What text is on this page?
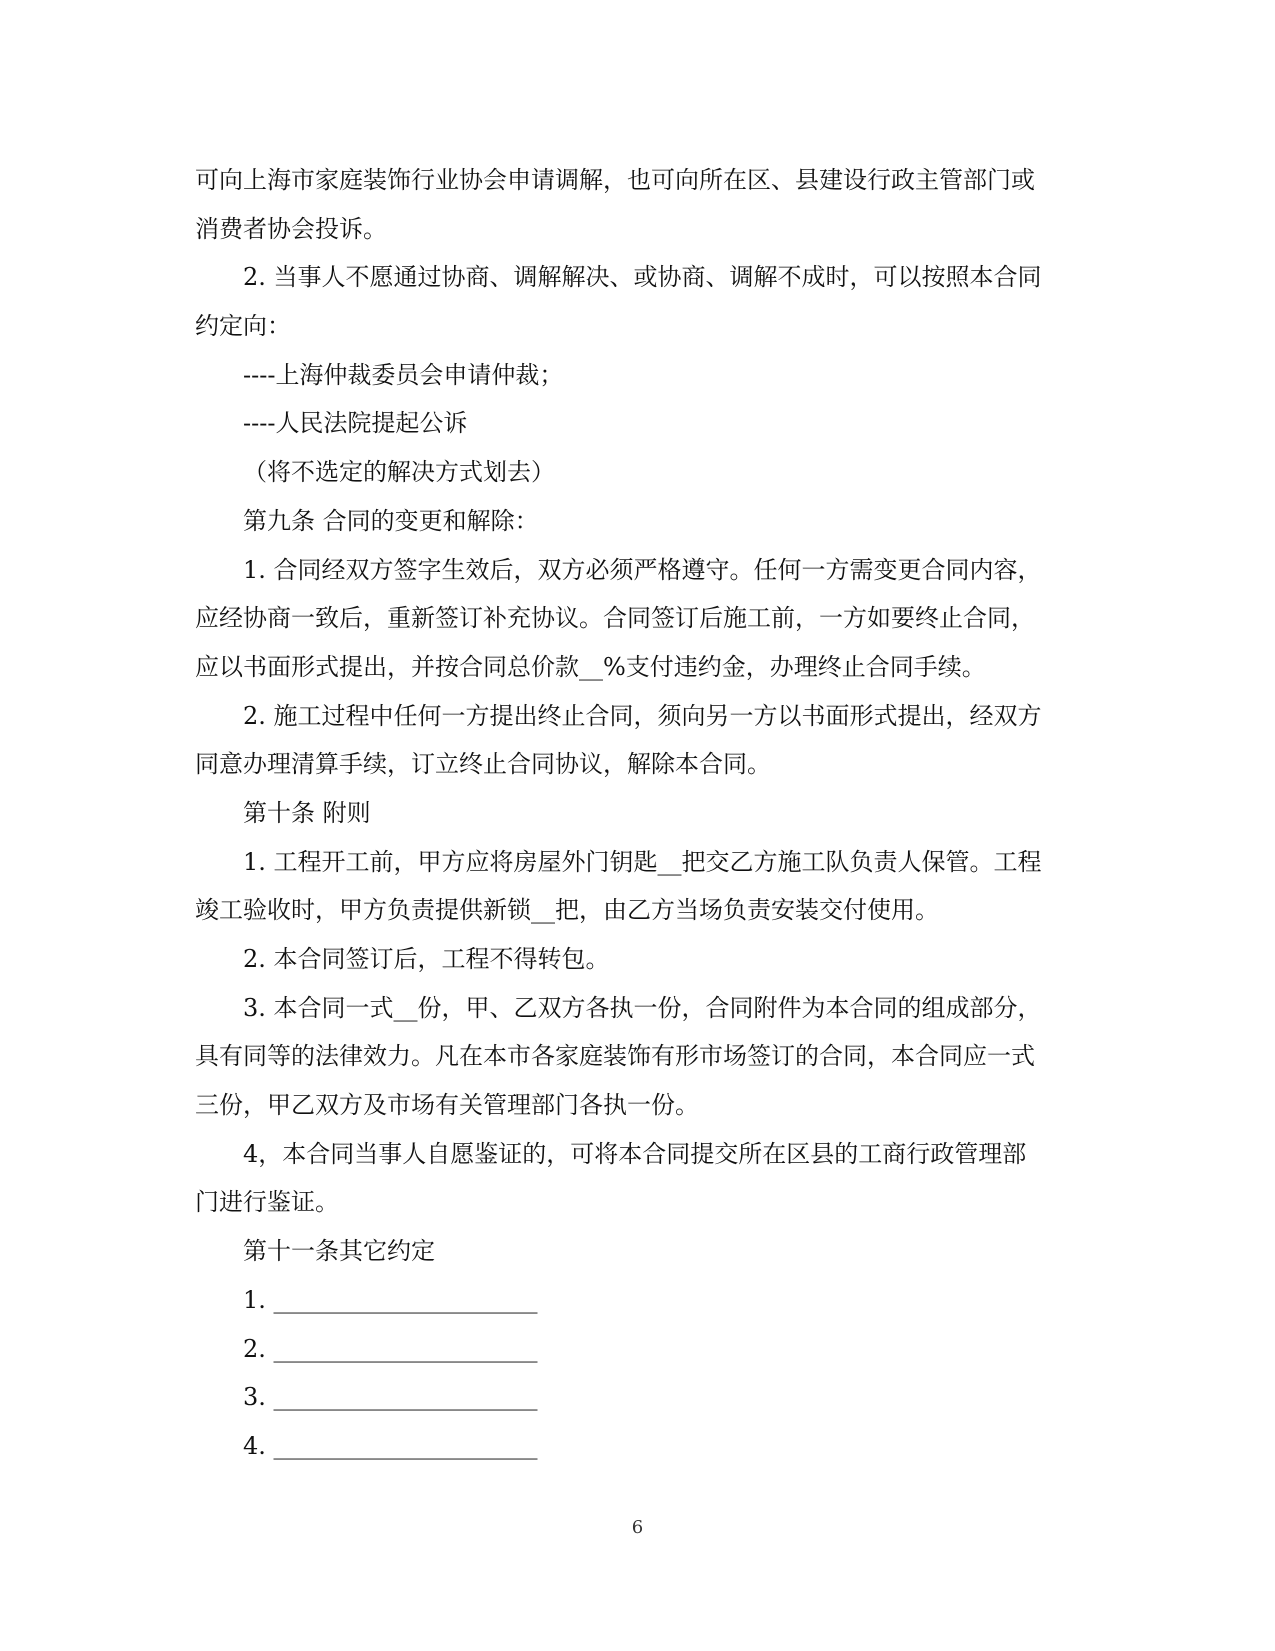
可向上海市家庭装饰行业协会申请调解，也可向所在区、县建设行政主管部门或
消费者协会投诉。
2. 当事人不愿通过协商、调解解决、或协商、调解不成时，可以按照本合同
约定向：
----上海仲裁委员会申请仲裁；
----人民法院提起公诉
（将不选定的解决方式划去）
第九条 合同的变更和解除：
1. 合同经双方签字生效后，双方必须严格遵守。任何一方需变更合同内容，
应经协商一致后，重新签订补充协议。合同签订后施工前，一方如要终止合同，
应以书面形式提出，并按合同总价款__%支付违约金，办理终止合同手续。
2. 施工过程中任何一方提出终止合同，须向另一方以书面形式提出，经双方
同意办理清算手续，订立终止合同协议，解除本合同。
第十条 附则
1. 工程开工前，甲方应将房屋外门钥匙__把交乙方施工队负责人保管。工程
竣工验收时，甲方负责提供新锁__把，由乙方当场负责安装交付使用。
2. 本合同签订后，工程不得转包。
3. 本合同一式__份，甲、乙双方各执一份，合同附件为本合同的组成部分，
具有同等的法律效力。凡在本市各家庭装饰有形市场签订的合同，本合同应一式
三份，甲乙双方及市场有关管理部门各执一份。
4，本合同当事人自愿鉴证的，可将本合同提交所在区县的工商行政管理部
门进行鉴证。
第十一条其它约定
1. ______________________
2. ______________________
3. ______________________
4. ______________________
6
